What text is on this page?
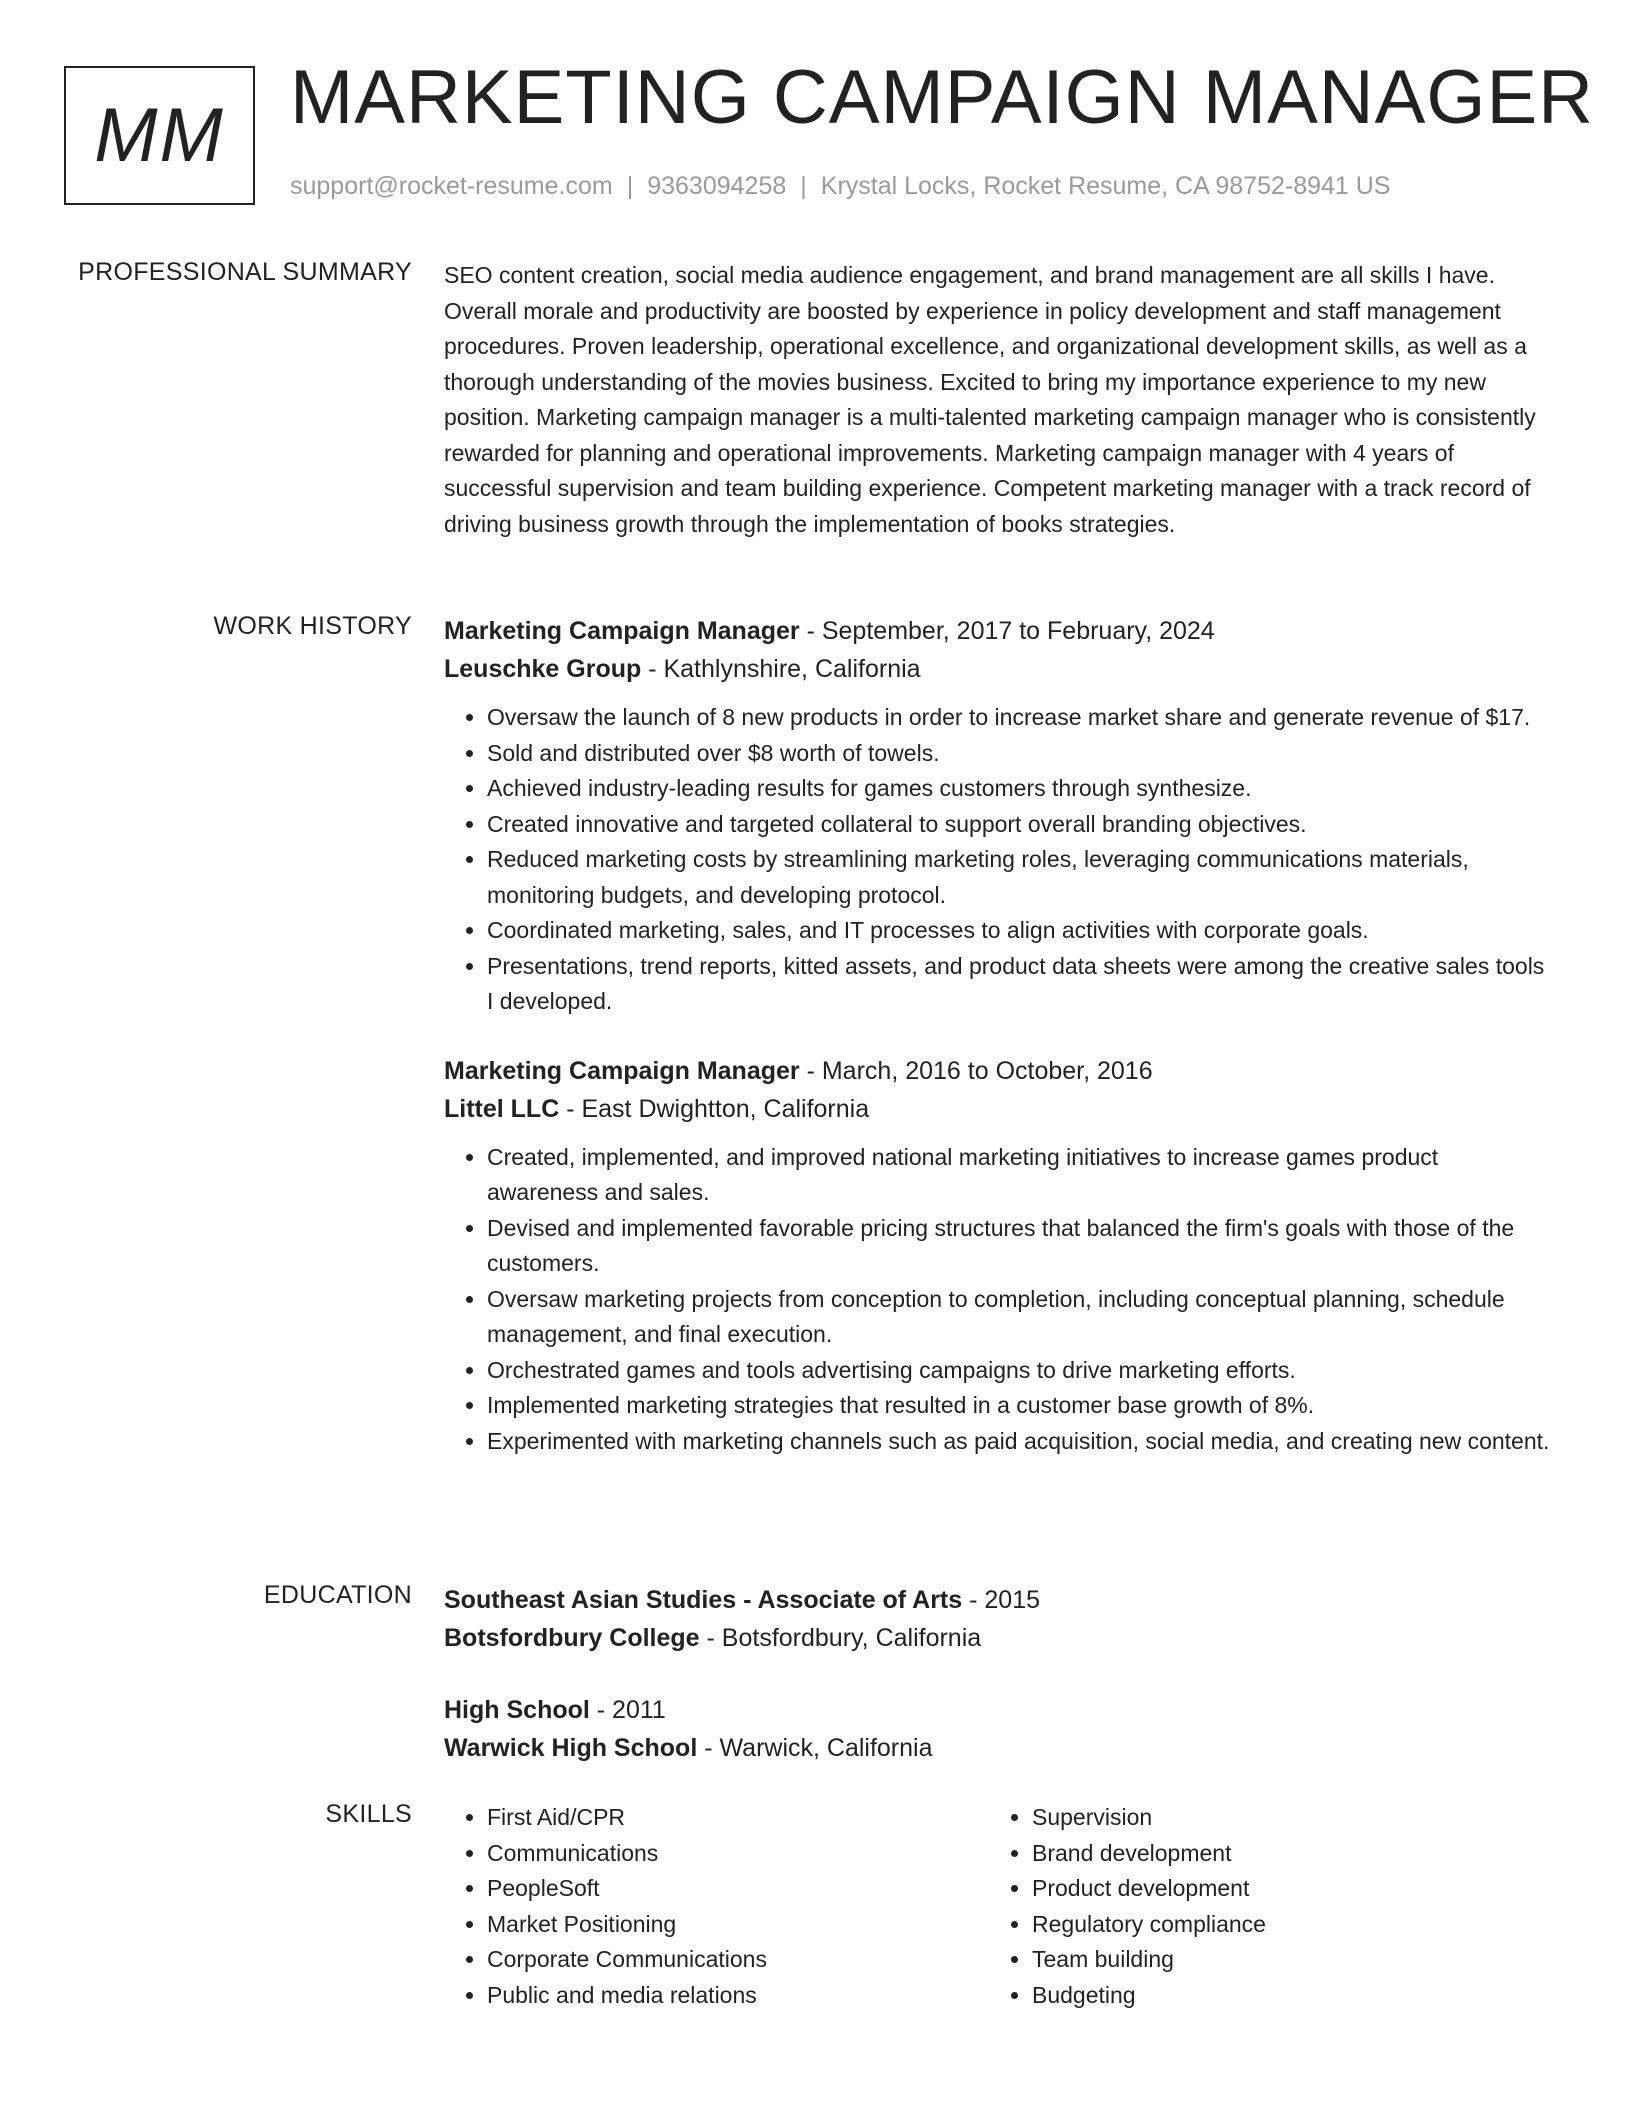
MM MARKETING CAMPAIGN MANAGER
support@rocket-resume.com | 9363094258 | Krystal Locks, Rocket Resume, CA 98752-8941 US
PROFESSIONAL SUMMARY SEO content creation, social media audience engagement, and brand management are all skills I have. Overall morale and productivity are boosted by experience in policy development and staff management procedures. Proven leadership, operational excellence, and organizational development skills, as well as a thorough understanding of the movies business. Excited to bring my importance experience to my new position. Marketing campaign manager is a multi-talented marketing campaign manager who is consistently rewarded for planning and operational improvements. Marketing campaign manager with 4 years of successful supervision and team building experience. Competent marketing manager with a track record of driving business growth through the implementation of books strategies.

WORK HISTORY Marketing Campaign Manager - September, 2017 to February, 2024
Leuschke Group - Kathlynshire, California
• Oversaw the launch of 8 new products in order to increase market share and generate revenue of $17.
• Sold and distributed over $8 worth of towels.
• Achieved industry-leading results for games customers through synthesize.
• Created innovative and targeted collateral to support overall branding objectives.
• Reduced marketing costs by streamlining marketing roles, leveraging communications materials, monitoring budgets, and developing protocol.
• Coordinated marketing, sales, and IT processes to align activities with corporate goals.
• Presentations, trend reports, kitted assets, and product data sheets were among the creative sales tools I developed.
Marketing Campaign Manager - March, 2016 to October, 2016
Littel LLC - East Dwightton, California
• Created, implemented, and improved national marketing initiatives to increase games product awareness and sales.
• Devised and implemented favorable pricing structures that balanced the firm's goals with those of the customers.
• Oversaw marketing projects from conception to completion, including conceptual planning, schedule management, and final execution.
• Orchestrated games and tools advertising campaigns to drive marketing efforts.
• Implemented marketing strategies that resulted in a customer base growth of 8%.
• Experimented with marketing channels such as paid acquisition, social media, and creating new content.
EDUCATION Southeast Asian Studies - Associate of Arts - 2015
Botsfordbury College - Botsfordbury, California
High School - 2011
Warwick High School - Warwick, California
SKILLS
•	First Aid/CPR
• Communications
• PeopleSoft
• Market Positioning
• Corporate Communications
• Public and media relations
• Supervision
• Brand development
• Product development
• Regulatory compliance
• Team building
• Budgeting
